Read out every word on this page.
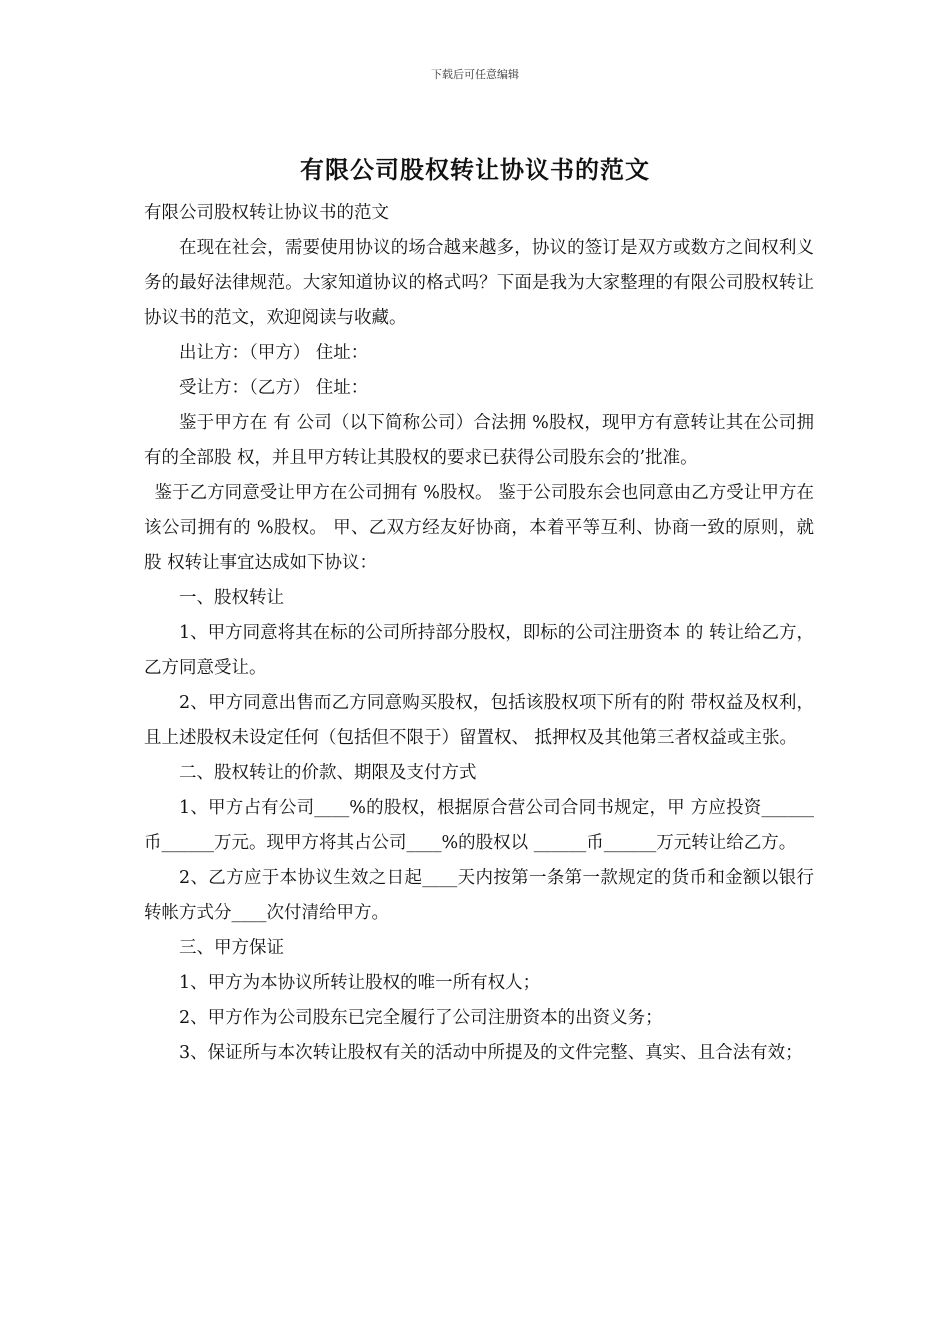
下载后可任意编辑
有限公司股权转让协议书的范文

有限公司股权转让协议书的范文

在现在社会，需要使用协议的场合越来越多，协议的签订是双方或数方之间权利义务的最好法律规范。大家知道协议的格式吗？下面是我为大家整理的有限公司股权转让协议书的范文，欢迎阅读与收藏。

出让方：（甲方） 住址：

受让方：（乙方） 住址：

鉴于甲方在 有 公司（以下简称公司）合法拥 %股权，现甲方有意转让其在公司拥有的全部股 权，并且甲方转让其股权的要求已获得公司股东会的’批准。

鉴于乙方同意受让甲方在公司拥有 %股权。 鉴于公司股东会也同意由乙方受让甲方在该公司拥有的 %股权。 甲、乙双方经友好协商，本着平等互利、协商一致的原则，就股 权转让事宜达成如下协议：

一、股权转让

1、甲方同意将其在标的公司所持部分股权，即标的公司注册资本 的 转让给乙方，乙方同意受让。

2、甲方同意出售而乙方同意购买股权，包括该股权项下所有的附 带权益及权利，且上述股权未设定任何（包括但不限于）留置权、 抵押权及其他第三者权益或主张。

二、股权转让的价款、期限及支付方式

1、甲方占有公司____%的股权，根据原合营公司合同书规定，甲 方应投资______币______万元。现甲方将其占公司____%的股权以 ______币______万元转让给乙方。

2、乙方应于本协议生效之日起____天内按第一条第一款规定的货币和金额以银行转帐方式分____次付清给甲方。

三、甲方保证

1、甲方为本协议所转让股权的唯一所有权人；

2、甲方作为公司股东已完全履行了公司注册资本的出资义务；

3、保证所与本次转让股权有关的活动中所提及的文件完整、真实、且合法有效；
